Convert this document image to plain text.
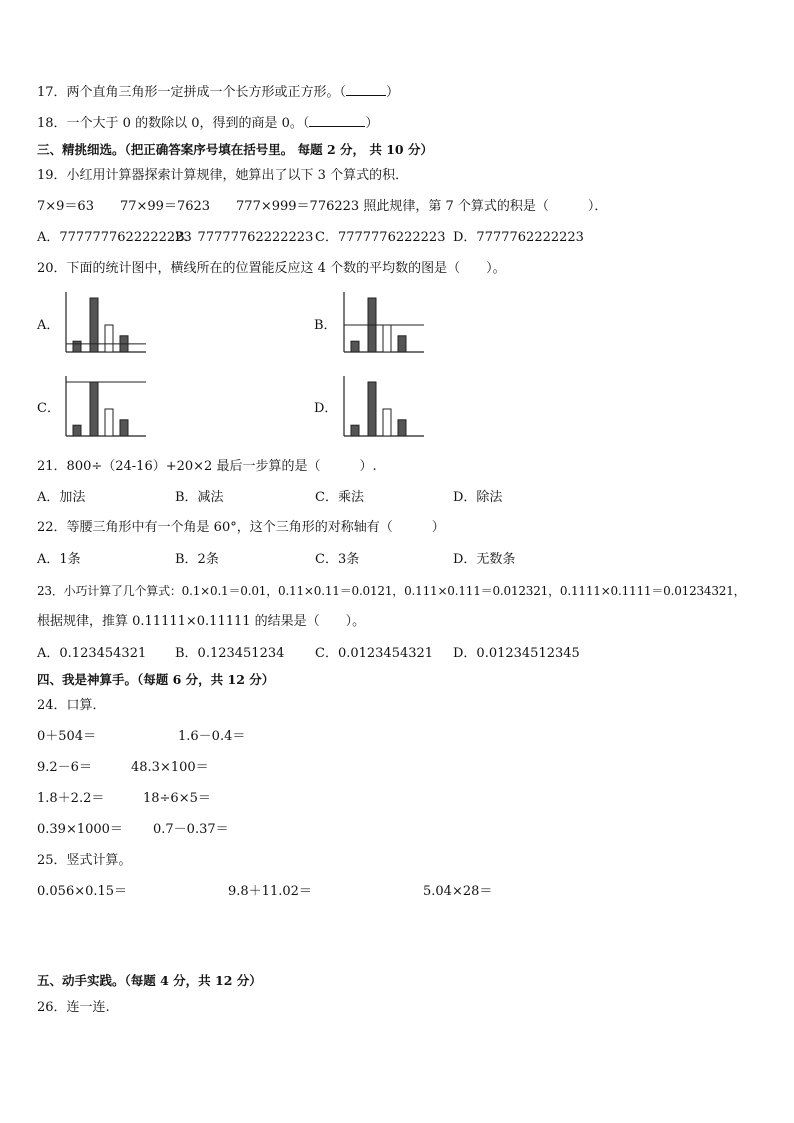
17．两个直角三角形一定拼成一个长方形或正方形。（	）
18．一个大于 0 的数除以 0，得到的商是 0。（	）
三、精挑细选。（把正确答案序号填在括号里。 每题 2 分， 共 10 分）
19．小红用计算器探索计算规律，她算出了以下 3 个算式的积．
7×9＝63　　77×99＝7623　　777×999＝776223 照此规律，第 7 个算式的积是（　　　）．
A．7777777622222223
B．77777762222223 C．7777776222223 D．7777762222223
20．下面的统计图中，横线所在的位置能反应这 4 个数的平均数的图是（　　）。
A．	B．
C．	D．
21．800÷（24-16）+20×2 最后一步算的是（　　　）.
A．加法	B．减法	C．乘法	D．除法
22．等腰三角形中有一个角是 60°，这个三角形的对称轴有（　　　）
A．1条	B．2条	C．3条	D．无数条
23．小巧计算了几个算式：0.1×0.1＝0.01，0.11×0.11＝0.0121，0.111×0.111＝0.012321，0.1111×0.1111＝0.01234321，
根据规律，推算 0.11111×0.11111 的结果是（　　）。
A．0.123454321 B．0.123451234 C．0.0123454321 D．0.01234512345
四、我是神算手。（每题 6 分，共 12 分）
24．口算．
0＋504＝	1.6－0.4＝
9.2－6＝	48.3×100＝
1.8＋2.2＝	18÷6×5＝
0.39×1000＝ 0.7－0.37＝
25．竖式计算。
0.056×0.15＝	9.8＋11.02＝	5.04×28＝
五、动手实践。（每题 4 分，共 12 分）
26．连一连.
